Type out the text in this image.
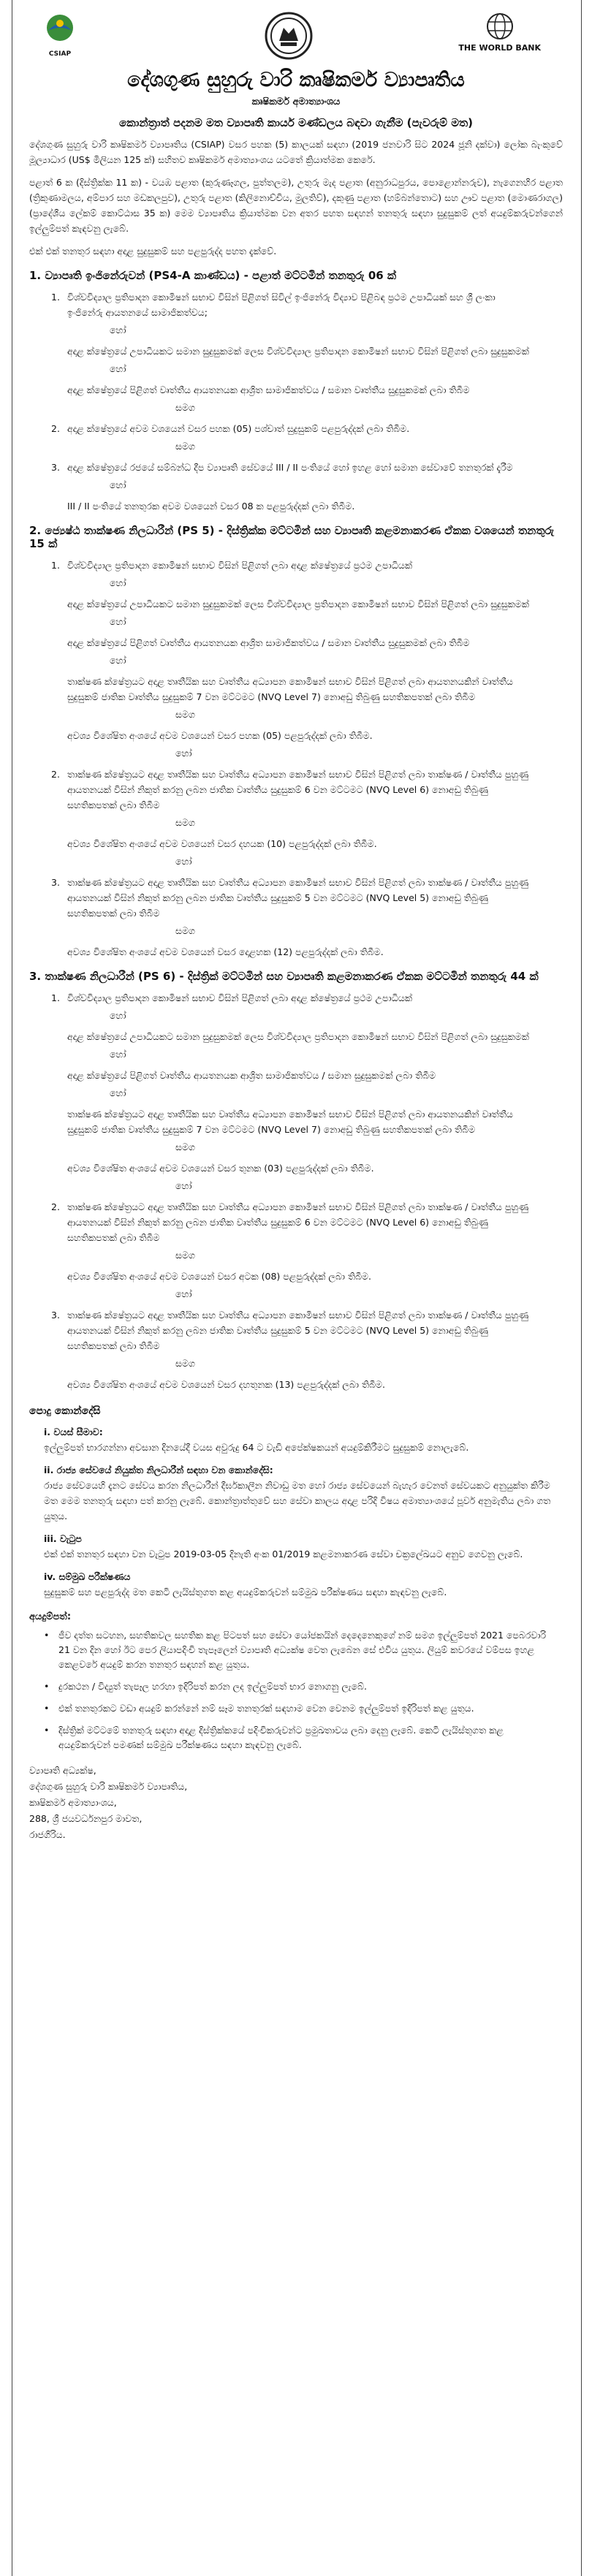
CSIAP
THE WORLD BANK
දේශගුණ සුහුරු වාරි කෘෂිකර්ම ව්‍යාපෘතිය
කෘෂිකර්ම අමාත්‍යාංශය
කොන්ත්‍රාත් පදනම මත ව්‍යාපෘති කාර්ය මණ්ඩලය බඳවා ගැනීම (පැවරුම් මත)

දේශගුණ සුහුරු වාරි කෘෂිකර්ම ව්‍යාපෘතිය (CSIAP) වසර පහක (5) කාලයක් සඳහා (2019 ජනවාරි සිට 2024 ජූනි දක්වා) ලෝක බැංකුවේ මූල්‍යාධාර (US$ මිලියන 125 ක්) සහිතව කෘෂිකර්ම අමාත්‍යාංශය යටතේ ක්‍රියාත්මක කෙරේ.

පළාත් 6 ක (දිස්ත්‍රික්ක 11 ක) - වයඹ පළාත (කුරුණෑගල, පුත්තලම), උතුරු මැද පළාත (අනුරාධපුරය, පොළොන්නරුව), නැගෙනහිර පළාත (ත්‍රිකුණාමලය, අම්පාර සහ මඩකලපුව), උතුරු පළාත (කිලිනොච්චිය, මුලතිව්), දකුණු පළාත (හම්බන්තොට) සහ ඌව පළාත (මොණරාගල) (ප්‍රාදේශීය ලේකම් කොට්ඨාස 35 ක) මෙම ව්‍යාපෘතිය ක්‍රියාත්මක වන අතර පහත සඳහන් තනතුරු සඳහා සුදුසුකම් ලත් අයදුම්කරුවන්ගෙන් ඉල්ලුම්පත් කැඳවනු ලැබේ.

එක් එක් තනතුර සඳහා අදාළ සුදුසුකම් සහ පළපුරුද්ද පහත දැක්වේ.

1. ව්‍යාපෘති ඉංජිනේරුවන් (PS4-A කාණ්ඩය) - පළාත් මට්ටමින් තනතුරු 06 ක්
1. විශ්වවිද්‍යාල ප්‍රතිපාදන කොමිෂන් සභාව විසින් පිළිගත් සිවිල් ඉංජිනේරු විද්‍යාව පිළිබඳ ප්‍රථම උපාධියක් සහ ශ්‍රී ලංකා ඉංජිනේරු ආයතනයේ සාමාජිකත්වය;
හෝ
අදාළ ක්ෂේත්‍රයේ උපාධියකට සමාන සුදුසුකමක් ලෙස විශ්වවිද්‍යාල ප්‍රතිපාදන කොමිෂන් සභාව විසින් පිළිගත් ලබා සුදුසුකමක්
හෝ
අදාළ ක්ෂේත්‍රයේ පිළිගත් වෘත්තීය ආයතනයක ආශ්‍රිත සාමාජිකත්වය / සමාන වෘත්තීය සුදුසුකමක් ලබා තිබීම
සමග
2. අදාළ ක්ෂේත්‍රයේ අවම වශයෙන් වසර පහක (05) පශ්චාත් සුදුසුකම් පළපුරුද්දක් ලබා තිබීම.
සමග
3. අදාළ ක්ෂේත්‍රයේ රජයේ සම්බන්ධ දීප ව්‍යාපෘති සේවයේ III / II පංතියේ හෝ ඉහළ හෝ සමාන සේවාවේ තනතුරක් දැරීම
හෝ
III / II පංතියේ තනතුරක අවම වශයෙන් වසර 08 ක පළපුරුද්දක් ලබා තිබීම.
2. ජ්‍යෙෂ්ඨ තාක්ෂණ නිලධාරීන් (PS 5) - දිස්ත්‍රික්ක මට්ටමින් සහ ව්‍යාපෘති කළමනාකරණ ඒකක වශයෙන් තනතුරු 15 ක්
1. විශ්වවිද්‍යාල ප්‍රතිපාදන කොමිෂන් සභාව විසින් පිළිගත් ලබා අදාළ ක්ෂේත්‍රයේ ප්‍රථම උපාධියක්
හෝ
අදාළ ක්ෂේත්‍රයේ උපාධියකට සමාන සුදුසුකමක් ලෙස විශ්වවිද්‍යාල ප්‍රතිපාදන කොමිෂන් සභාව විසින් පිළිගත් ලබා සුදුසුකමක්
හෝ
අදාළ ක්ෂේත්‍රයේ පිළිගත් වෘත්තීය ආයතනයක ආශ්‍රිත සාමාජිකත්වය / සමාන වෘත්තීය සුදුසුකමක් ලබා තිබීම
හෝ
තාක්ෂණ ක්ෂේත්‍රයට අදාළ තෘතීයික සහ වෘත්තීය අධ්‍යාපන කොමිෂන් සභාව විසින් පිළිගත් ලබා ආයතනයකින් වෘත්තීය සුදුසුකම් ජාතික වෘත්තීය සුදුසුකම් 7 වන මට්ටමට (NVQ Level 7) නොඅඩු තිබුණු සහතිකපතක් ලබා තිබීම
සමග
අවශ්‍ය විශේෂිත අංශයේ අවම වශයෙන් වසර පහක (05) පළපුරුද්දක් ලබා තිබීම.
හෝ
2. තාක්ෂණ ක්ෂේත්‍රයට අදාළ තෘතීයික සහ වෘත්තීය අධ්‍යාපන කොමිෂන් සභාව විසින් පිළිගත් ලබා තාක්ෂණ / වෘත්තීය පුහුණු ආයතනයක් විසින් නිකුත් කරනු ලබන ජාතික වෘත්තීය සුදුසුකම් 6 වන මට්ටමට (NVQ Level 6) නොඅඩු තිබුණු සහතිකපතක් ලබා තිබීම
සමග
අවශ්‍ය විශේෂිත අංශයේ අවම වශයෙන් වසර දහයක (10) පළපුරුද්දක් ලබා තිබීම.
හෝ
3. තාක්ෂණ ක්ෂේත්‍රයට අදාළ තෘතීයික සහ වෘත්තීය අධ්‍යාපන කොමිෂන් සභාව විසින් පිළිගත් ලබා තාක්ෂණ / වෘත්තීය පුහුණු ආයතනයක් විසින් නිකුත් කරනු ලබන ජාතික වෘත්තීය සුදුසුකම් 5 වන මට්ටමට (NVQ Level 5) නොඅඩු තිබුණු සහතිකපතක් ලබා තිබීම
සමග
අවශ්‍ය විශේෂිත අංශයේ අවම වශයෙන් වසර දොළහක (12) පළපුරුද්දක් ලබා තිබීම.
3. තාක්ෂණ නිලධාරීන් (PS 6) - දිස්ත්‍රික් මට්ටමින් සහ ව්‍යාපෘති කළමනාකරණ ඒකක මට්ටමින් තනතුරු 44 ක්
1. විශ්වවිද්‍යාල ප්‍රතිපාදන කොමිෂන් සභාව විසින් පිළිගත් ලබා අදාළ ක්ෂේත්‍රයේ ප්‍රථම උපාධියක්
හෝ
අදාළ ක්ෂේත්‍රයේ උපාධියකට සමාන සුදුසුකමක් ලෙස විශ්වවිද්‍යාල ප්‍රතිපාදන කොමිෂන් සභාව විසින් පිළිගත් ලබා සුදුසුකමක්
හෝ
අදාළ ක්ෂේත්‍රයේ පිළිගත් වෘත්තීය ආයතනයක ආශ්‍රිත සාමාජිකත්වය / සමාන සුදුසුකමක් ලබා තිබීම
හෝ
තාක්ෂණ ක්ෂේත්‍රයට අදාළ තෘතීයික සහ වෘත්තීය අධ්‍යාපන කොමිෂන් සභාව විසින් පිළිගත් ලබා ආයතනයකින් වෘත්තීය සුදුසුකම් ජාතික වෘත්තීය සුදුසුකම් 7 වන මට්ටමට (NVQ Level 7) නොඅඩු තිබුණු සහතිකපතක් ලබා තිබීම
සමග
අවශ්‍ය විශේෂිත අංශයේ අවම වශයෙන් වසර තුනක (03) පළපුරුද්දක් ලබා තිබීම.
හෝ
2. තාක්ෂණ ක්ෂේත්‍රයට අදාළ තෘතීයික සහ වෘත්තීය අධ්‍යාපන කොමිෂන් සභාව විසින් පිළිගත් ලබා තාක්ෂණ / වෘත්තීය පුහුණු ආයතනයක් විසින් නිකුත් කරනු ලබන ජාතික වෘත්තීය සුදුසුකම් 6 වන මට්ටමට (NVQ Level 6) නොඅඩු තිබුණු සහතිකපතක් ලබා තිබීම
සමග
අවශ්‍ය විශේෂිත අංශයේ අවම වශයෙන් වසර අටක (08) පළපුරුද්දක් ලබා තිබීම.
හෝ
3. තාක්ෂණ ක්ෂේත්‍රයට අදාළ තෘතීයික සහ වෘත්තීය අධ්‍යාපන කොමිෂන් සභාව විසින් පිළිගත් ලබා තාක්ෂණ / වෘත්තීය පුහුණු ආයතනයක් විසින් නිකුත් කරනු ලබන ජාතික වෘත්තීය සුදුසුකම් 5 වන මට්ටමට (NVQ Level 5) නොඅඩු තිබුණු සහතිකපතක් ලබා තිබීම
සමග
අවශ්‍ය විශේෂිත අංශයේ අවම වශයෙන් වසර දහතුනක (13) පළපුරුද්දක් ලබා තිබීම.
පොදු කොන්දේසි
i. වයස් සීමාව:
ඉල්ලුම්පත් භාරගන්නා අවසාන දිනයේදී වයස අවුරුදු 64 ට වැඩි අපේක්ෂකයන් අයදුම්කිරීමට සුදුසුකම් නොලැබේ.
ii. රාජ්‍ය සේවයේ නියුක්ත නිලධාරීන් සඳහා වන කොන්දේසි:
රාජ්‍ය සේවයෙහි දැනට සේවය කරන නිලධාරීන් දීර්ඝකාලීන නිවාඩු මත හෝ රාජ්‍ය සේවයෙන් බැහැර වෙනත් සේවයකට අනුයුක්ත කිරීම මත මෙම තනතුරු සඳහා පත් කරනු ලැබේ. කොන්ත්‍රාත්තුවේ සහ සේවා කාලය අදාළ පරිදි විෂය අමාත්‍යාංශයේ පූර්ව අනුමැතිය ලබා ගත යුතුය.
iii. වැටුප
එක් එක් තනතුර සඳහා වන වැටුප 2019-03-05 දිනැති අංක 01/2019 කළමනාකරණ සේවා චක්‍රලේඛයට අනුව ගෙවනු ලැබේ.
iv. සම්මුඛ පරීක්ෂණය
සුදුසුකම් සහ පළපුරුද්ද මත කෙටි ලැයිස්තුගත කළ අයදුම්කරුවන් සම්මුඛ පරීක්ෂණය සඳහා කැඳවනු ලැබේ.
අයදුම්පත්:
•	ජීව දත්ත සටහන, සහතිකවල සහතික කළ පිටපත් සහ සේවා යෝජකයින් දෙදෙනෙකුගේ නම් සමග ඉල්ලුම්පත් 2021 පෙබරවාරි 21 වන දින හෝ ඊට පෙර ලියාපදිංචි තැපෑලෙන් ව්‍යාපෘති අධ්‍යක්ෂ වෙත ලැබෙන සේ එවිය යුතුය. ලියුම් කවරයේ වම්පස ඉහළ කෙළවරේ අයදුම් කරන තනතුර සඳහන් කළ යුතුය.
•	දුරකථන / විද්‍යුත් තැපෑල හරහා ඉදිරිපත් කරන ලද ඉල්ලුම්පත් භාර නොගනු ලැබේ.
•	එක් තනතුරකට වඩා අයදුම් කරන්නේ නම් සෑම තනතුරක් සඳහාම වෙන වෙනම ඉල්ලුම්පත් ඉදිරිපත් කළ යුතුය.
•	දිස්ත්‍රික් මට්ටමේ තනතුරු සඳහා අදාළ දිස්ත්‍රික්කයේ පදිංචිකරුවන්ට ප්‍රමුඛතාවය ලබා දෙනු ලැබේ. කෙටි ලැයිස්තුගත කළ අයදුම්කරුවන් පමණක් සම්මුඛ පරීක්ෂණය සඳහා කැඳවනු ලැබේ.
ව්‍යාපෘති අධ්‍යක්ෂ,
දේශගුණ සුහුරු වාරි කෘෂිකර්ම ව්‍යාපෘතිය,
කෘෂිකර්ම අමාත්‍යාංශය,
288, ශ්‍රී ජයවර්ධනපුර මාවත,
රාජගිරිය.
